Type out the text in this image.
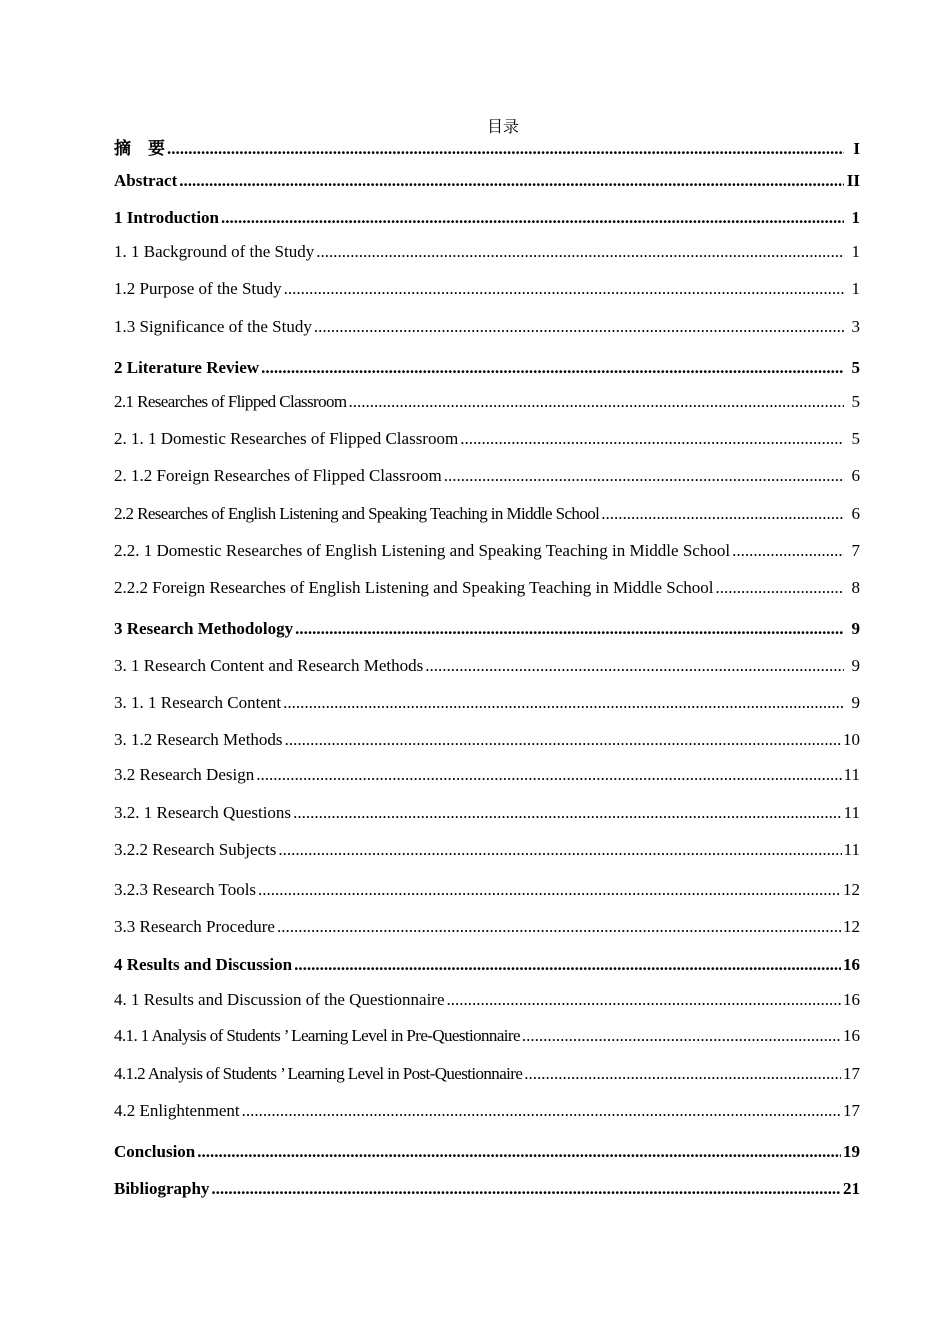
目录
摘　要 .....	I
Abstract .....	II
1 Introduction .....	1
1. 1 Background of the Study .....	1
1.2 Purpose of the Study .....	1
1.3 Significance of the Study .....	3
2 Literature Review .....	5
2.1 Researches of Flipped Classroom .....	5
2. 1. 1 Domestic Researches of Flipped Classroom .....	5
2. 1.2 Foreign Researches of Flipped Classroom .....	6
2.2 Researches of English Listening and Speaking Teaching in Middle School .....	6
2.2. 1 Domestic Researches of English Listening and Speaking Teaching in Middle School .....	7
2.2.2 Foreign Researches of English Listening and Speaking Teaching in Middle School .....	8
3 Research Methodology .....	9
3. 1 Research Content and Research Methods .....	9
3. 1. 1 Research Content .....	9
3. 1.2 Research Methods .....	10
3.2 Research Design .....	11
3.2. 1 Research Questions .....	11
3.2.2 Research Subjects .....	11
3.2.3 Research Tools .....	12
3.3 Research Procedure .....	12
4 Results and Discussion .....	16
4. 1 Results and Discussion of the Questionnaire .....	16
4.1. 1 Analysis of Students ’ Learning Level in Pre-Questionnaire .....	16
4.1.2 Analysis of Students ’ Learning Level in Post-Questionnaire .....	17
4.2 Enlightenment .....	17
Conclusion .....	19
Bibliography .....	21
